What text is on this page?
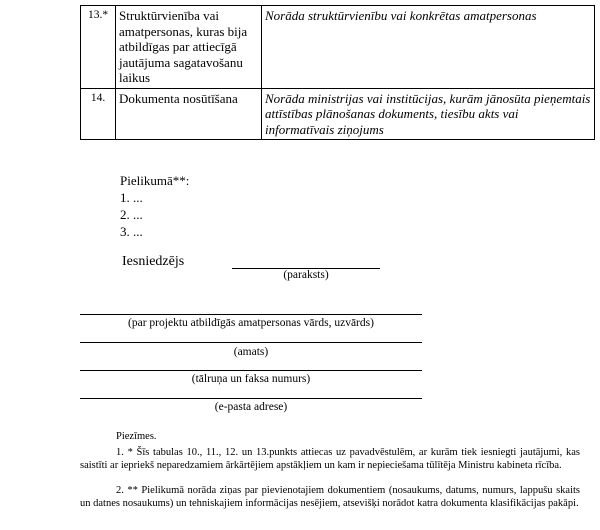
13.*	Struktūrvienība vai amatpersonas, kuras bija atbildīgas par attiecīgā jautājuma sagatavošanu laikus	Norāda struktūrvienību vai konkrētas amatpersonas
14.	Dokumenta nosūtīšana	Norāda ministrijas vai institūcijas, kurām jānosūta pieņemtais attīstības plānošanas dokuments, tiesību akts vai informatīvais ziņojums
Pielikumā**:
1. ...
2. ...
3. ...
Iesniedzējs
(paraksts)
(par projektu atbildīgās amatpersonas vārds, uzvārds)
(amats)
(tālruņa un faksa numurs)
(e-pasta adrese)
Piezīmes.
1. * Šīs tabulas 10., 11., 12. un 13.punkts attiecas uz pavadvēstulēm, ar kurām tiek iesniegti jautājumi, kas saistīti ar iepriekš neparedzamiem ārkārtējiem apstākļiem un kam ir nepieciešama tūlītēja Ministru kabineta rīcība.
2. ** Pielikumā norāda ziņas par pievienotajiem dokumentiem (nosaukums, datums, numurs, lappušu skaits un datnes nosaukums) un tehniskajiem informācijas nesējiem, atsevišķi norādot katra dokumenta klasifikācijas pakāpi.
